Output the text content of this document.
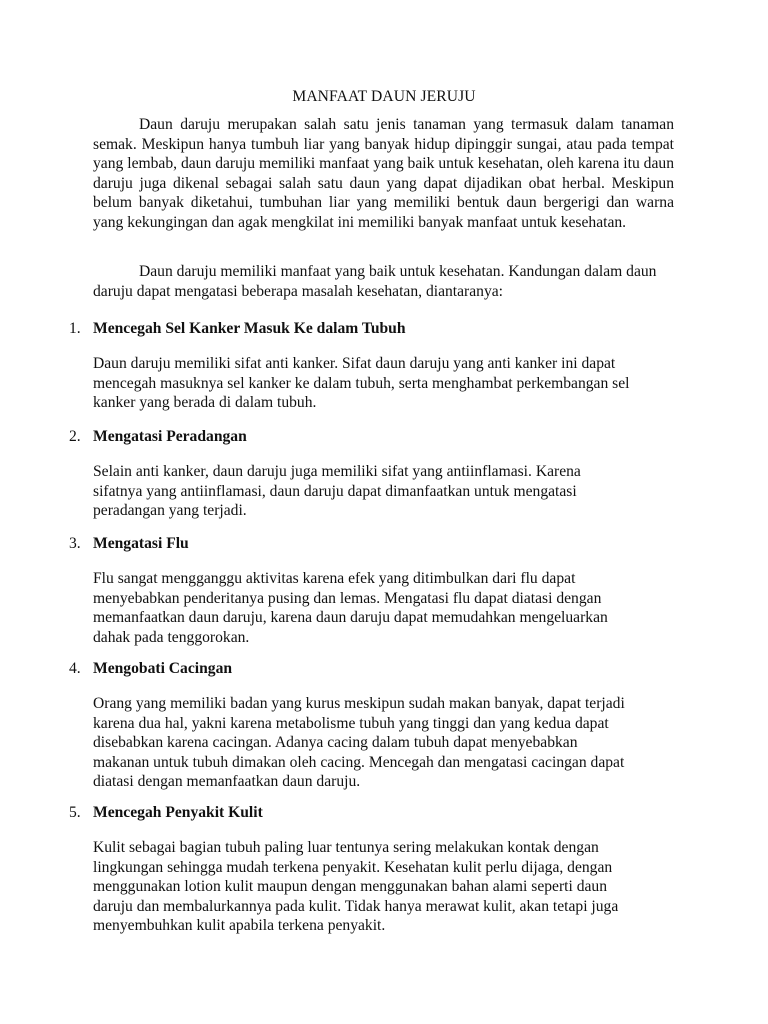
MANFAAT DAUN JERUJU

Daun daruju merupakan salah satu jenis tanaman yang termasuk dalam tanaman semak. Meskipun hanya tumbuh liar yang banyak hidup dipinggir sungai, atau pada tempat yang lembab, daun daruju memiliki manfaat yang baik untuk kesehatan, oleh karena itu daun daruju juga dikenal sebagai salah satu daun yang dapat dijadikan obat herbal. Meskipun belum banyak diketahui, tumbuhan liar yang memiliki bentuk daun bergerigi dan warna yang kekungingan dan agak mengkilat ini memiliki banyak manfaat untuk kesehatan.

Daun daruju memiliki manfaat yang baik untuk kesehatan. Kandungan dalam daun daruju dapat mengatasi beberapa masalah kesehatan, diantaranya:

1. Mencegah Sel Kanker Masuk Ke dalam Tubuh

Daun daruju memiliki sifat anti kanker. Sifat daun daruju yang anti kanker ini dapat
mencegah masuknya sel kanker ke dalam tubuh, serta menghambat perkembangan sel
kanker yang berada di dalam tubuh.

2. Mengatasi Peradangan

Selain anti kanker, daun daruju juga memiliki sifat yang antiinflamasi. Karena
sifatnya yang antiinflamasi, daun daruju dapat dimanfaatkan untuk mengatasi
peradangan yang terjadi.

3. Mengatasi Flu

Flu sangat mengganggu aktivitas karena efek yang ditimbulkan dari flu dapat
menyebabkan penderitanya pusing dan lemas. Mengatasi flu dapat diatasi dengan
memanfaatkan daun daruju, karena daun daruju dapat memudahkan mengeluarkan
dahak pada tenggorokan.

4. Mengobati Cacingan

Orang yang memiliki badan yang kurus meskipun sudah makan banyak, dapat terjadi
karena dua hal, yakni karena metabolisme tubuh yang tinggi dan yang kedua dapat
disebabkan karena cacingan. Adanya cacing dalam tubuh dapat menyebabkan
makanan untuk tubuh dimakan oleh cacing. Mencegah dan mengatasi cacingan dapat
diatasi dengan memanfaatkan daun daruju.

5. Mencegah Penyakit Kulit

Kulit sebagai bagian tubuh paling luar tentunya sering melakukan kontak dengan
lingkungan sehingga mudah terkena penyakit. Kesehatan kulit perlu dijaga, dengan
menggunakan lotion kulit maupun dengan menggunakan bahan alami seperti daun
daruju dan membalurkannya pada kulit. Tidak hanya merawat kulit, akan tetapi juga
menyembuhkan kulit apabila terkena penyakit.
